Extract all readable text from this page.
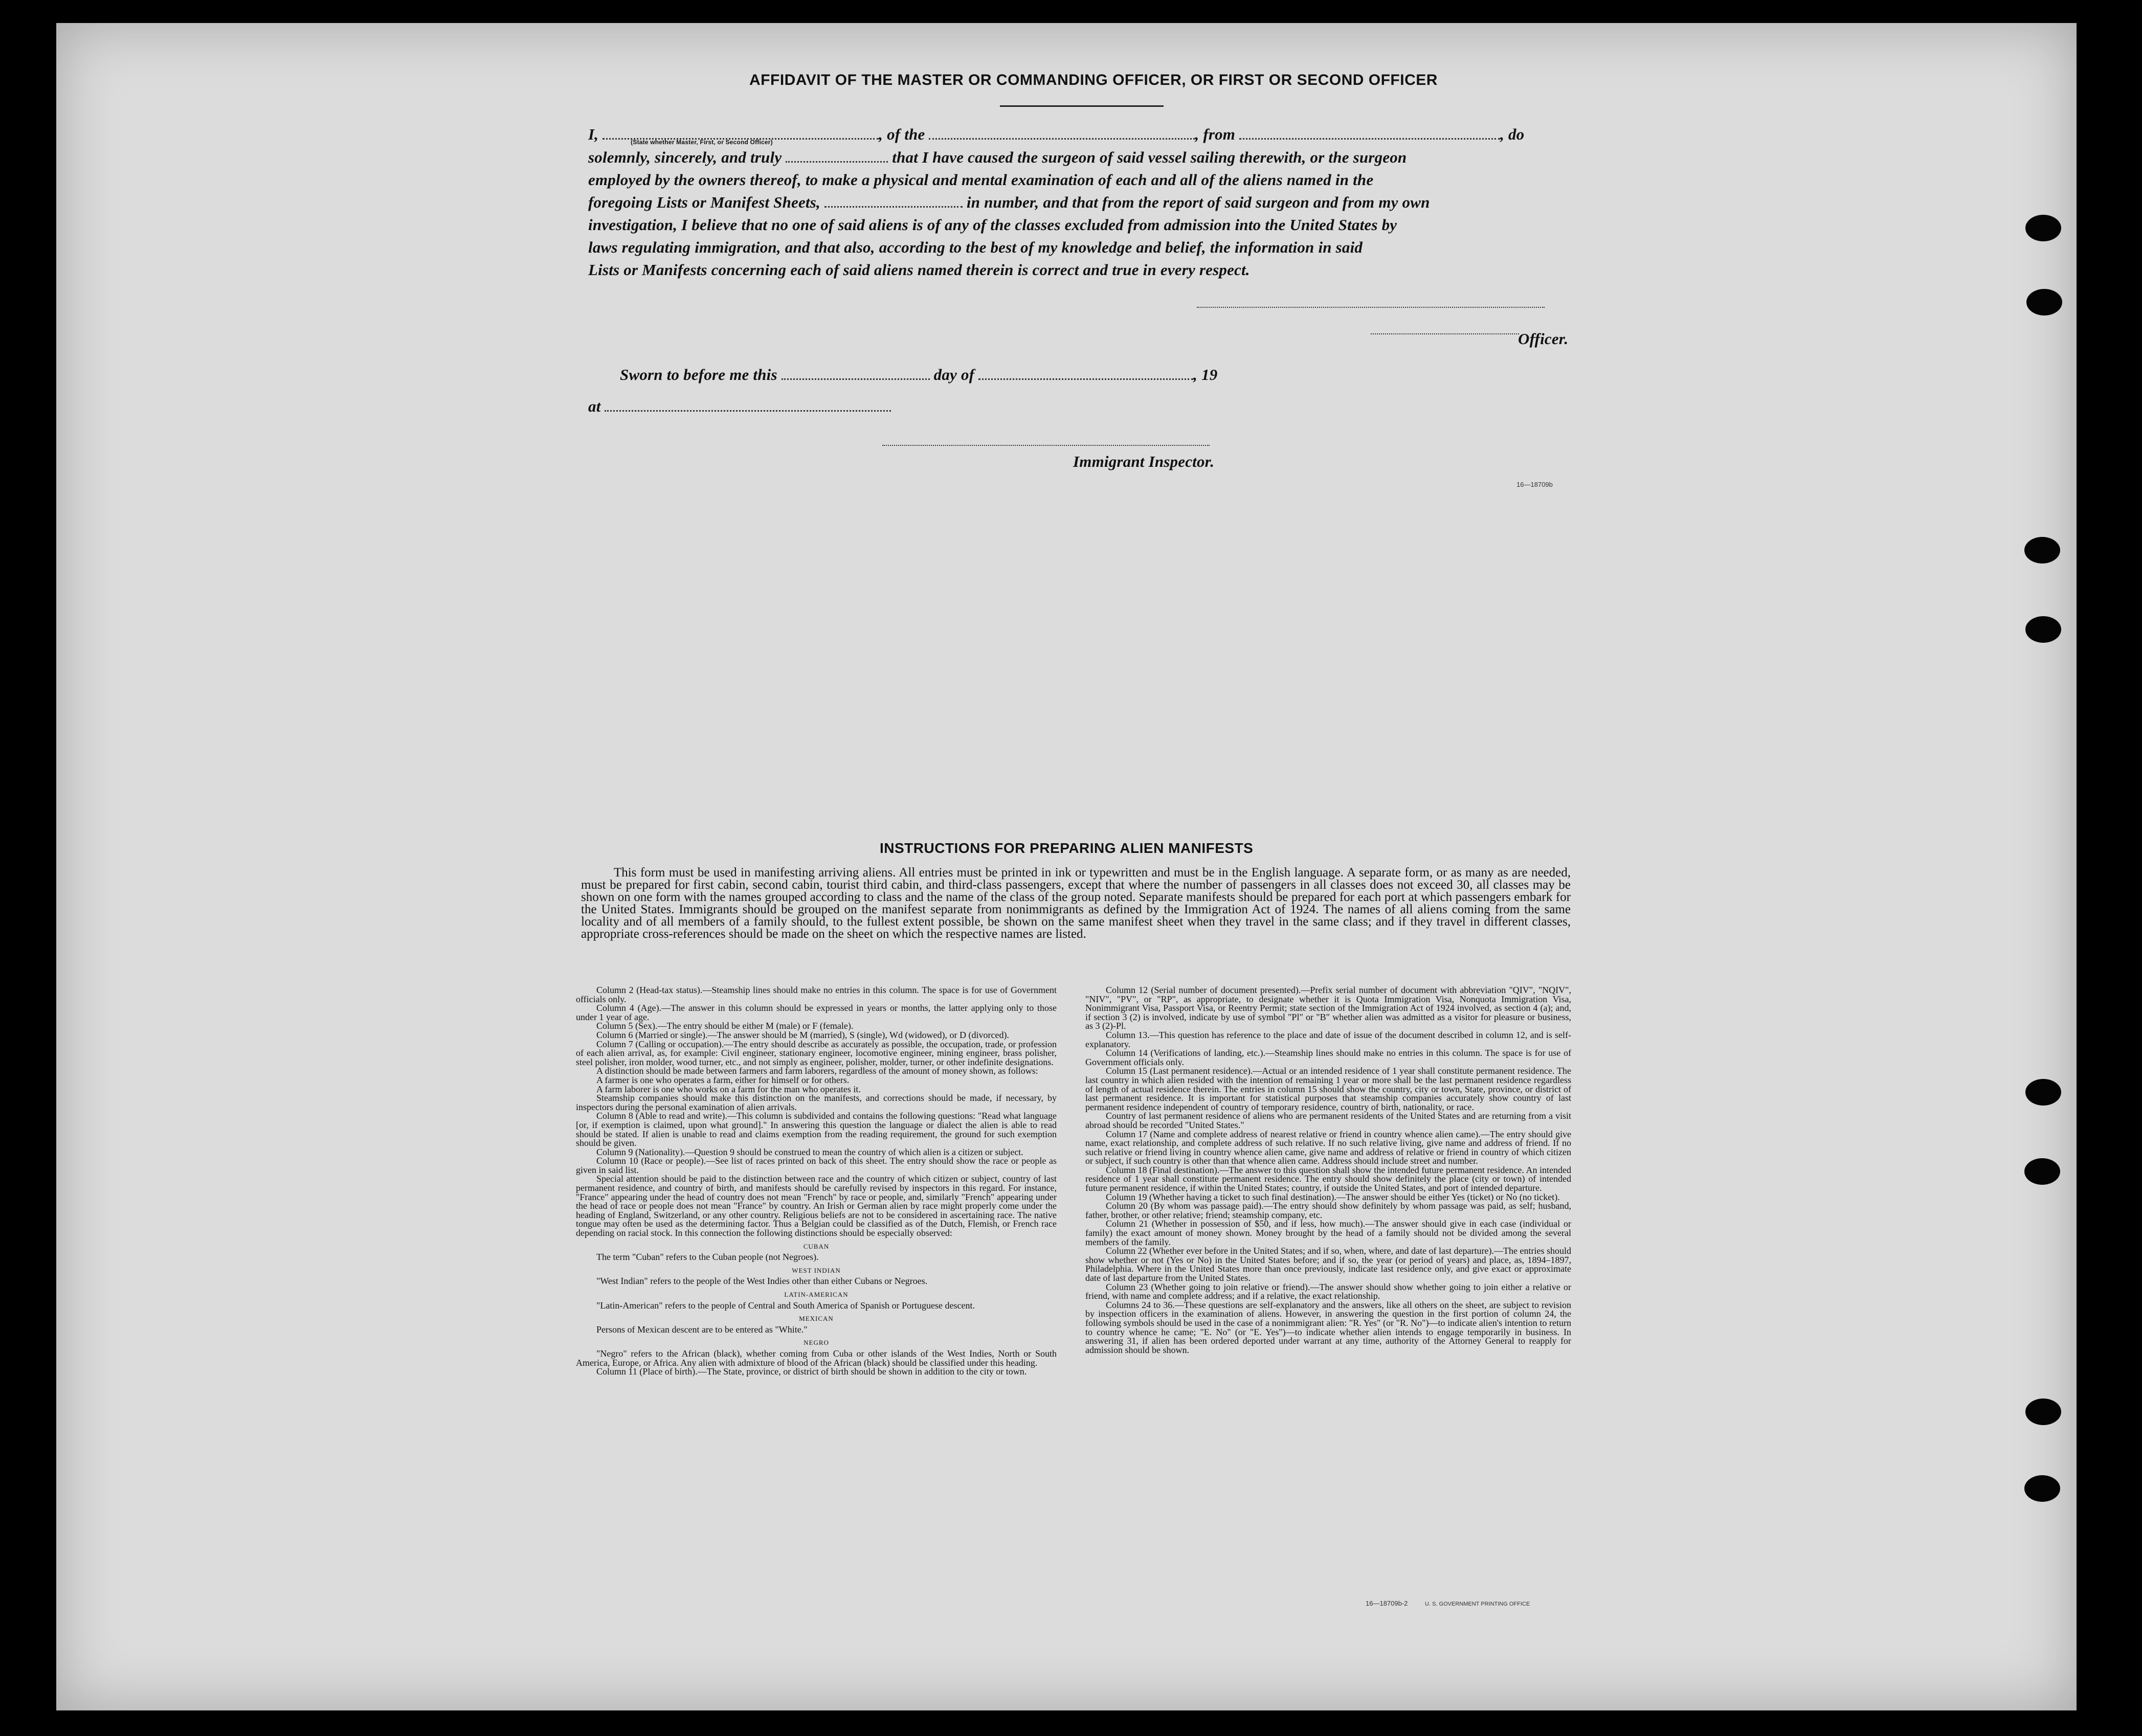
AFFIDAVIT OF THE MASTER OR COMMANDING OFFICER, OR FIRST OR SECOND OFFICER
I,	(State whether Master, First, or Second Officer)	, of the	, from	, do
solemnly, sincerely, and truly	that I have caused the surgeon of said vessel sailing therewith, or the surgeon
employed by the owners thereof, to make a physical and mental examination of each and all of the aliens named in the
foregoing Lists or Manifest Sheets,	in number, and that from the report of said surgeon and from my own
investigation, I believe that no one of said aliens is of any of the classes excluded from admission into the United States by
laws regulating immigration, and that also, according to the best of my knowledge and belief, the information in said
Lists or Manifests concerning each of said aliens named therein is correct and true in every respect.
Officer.
Sworn to before me this	day of	, 19
at
Immigrant Inspector.
16—18709b
INSTRUCTIONS FOR PREPARING ALIEN MANIFESTS
This form must be used in manifesting arriving aliens. All entries must be printed in ink or typewritten and must be in the English language. A separate form, or as many as are needed, must be prepared for first cabin, second cabin, tourist third cabin, and third-class passengers, except that where the number of passengers in all classes does not exceed 30, all classes may be shown on one form with the names grouped according to class and the name of the class of the group noted. Separate manifests should be prepared for each port at which passengers embark for the United States. Immigrants should be grouped on the manifest separate from nonimmigrants as defined by the Immigration Act of 1924. The names of all aliens coming from the same locality and of all members of a family should, to the fullest extent possible, be shown on the same manifest sheet when they travel in the same class; and if they travel in different classes, appropriate cross-references should be made on the sheet on which the respective names are listed.

Column 2 (Head-tax status).—Steamship lines should make no entries in this column. The space is for use of Government officials only.

Column 4 (Age).—The answer in this column should be expressed in years or months, the latter applying only to those under 1 year of age.

Column 5 (Sex).—The entry should be either M (male) or F (female).

Column 6 (Married or single).—The answer should be M (married), S (single), Wd (widowed), or D (divorced).

Column 7 (Calling or occupation).—The entry should describe as accurately as possible, the occupation, trade, or profession of each alien arrival, as, for example: Civil engineer, stationary engineer, locomotive engineer, mining engineer, brass polisher, steel polisher, iron molder, wood turner, etc., and not simply as engineer, polisher, molder, turner, or other indefinite designations.

A distinction should be made between farmers and farm laborers, regardless of the amount of money shown, as follows:

A farmer is one who operates a farm, either for himself or for others.

A farm laborer is one who works on a farm for the man who operates it.

Steamship companies should make this distinction on the manifests, and corrections should be made, if necessary, by inspectors during the personal examination of alien arrivals.

Column 8 (Able to read and write).—This column is subdivided and contains the following questions: "Read what language [or, if exemption is claimed, upon what ground]." In answering this question the language or dialect the alien is able to read should be stated. If alien is unable to read and claims exemption from the reading requirement, the ground for such exemption should be given.

Column 9 (Nationality).—Question 9 should be construed to mean the country of which alien is a citizen or subject.

Column 10 (Race or people).—See list of races printed on back of this sheet. The entry should show the race or people as given in said list.

Special attention should be paid to the distinction between race and the country of which citizen or subject, country of last permanent residence, and country of birth, and manifests should be carefully revised by inspectors in this regard. For instance, "France" appearing under the head of country does not mean "French" by race or people, and, similarly "French" appearing under the head of race or people does not mean "France" by country. An Irish or German alien by race might properly come under the heading of England, Switzerland, or any other country. Religious beliefs are not to be considered in ascertaining race. The native tongue may often be used as the determining factor. Thus a Belgian could be classified as of the Dutch, Flemish, or French race depending on racial stock. In this connection the following distinctions should be especially observed:

CUBAN

The term "Cuban" refers to the Cuban people (not Negroes).

WEST INDIAN

"West Indian" refers to the people of the West Indies other than either Cubans or Negroes.

LATIN-AMERICAN

"Latin-American" refers to the people of Central and South America of Spanish or Portuguese descent.

MEXICAN

Persons of Mexican descent are to be entered as "White."

NEGRO

"Negro" refers to the African (black), whether coming from Cuba or other islands of the West Indies, North or South America, Europe, or Africa. Any alien with admixture of blood of the African (black) should be classified under this heading.

Column 11 (Place of birth).—The State, province, or district of birth should be shown in addition to the city or town.

Column 12 (Serial number of document presented).—Prefix serial number of document with abbreviation "QIV", "NQIV", "NIV", "PV", or "RP", as appropriate, to designate whether it is Quota Immigration Visa, Nonquota Immigration Visa, Nonimmigrant Visa, Passport Visa, or Reentry Permit; state section of the Immigration Act of 1924 involved, as section 4 (a); and, if section 3 (2) is involved, indicate by use of symbol "Pl" or "B" whether alien was admitted as a visitor for pleasure or business, as 3 (2)-Pl.

Column 13.—This question has reference to the place and date of issue of the document described in column 12, and is self-explanatory.

Column 14 (Verifications of landing, etc.).—Steamship lines should make no entries in this column. The space is for use of Government officials only.

Column 15 (Last permanent residence).—Actual or an intended residence of 1 year shall constitute permanent residence. The last country in which alien resided with the intention of remaining 1 year or more shall be the last permanent residence regardless of length of actual residence therein. The entries in column 15 should show the country, city or town, State, province, or district of last permanent residence. It is important for statistical purposes that steamship companies accurately show country of last permanent residence independent of country of temporary residence, country of birth, nationality, or race.

Country of last permanent residence of aliens who are permanent residents of the United States and are returning from a visit abroad should be recorded "United States."

Column 17 (Name and complete address of nearest relative or friend in country whence alien came).—The entry should give name, exact relationship, and complete address of such relative. If no such relative living, give name and address of friend. If no such relative or friend living in country whence alien came, give name and address of relative or friend in country of which citizen or subject, if such country is other than that whence alien came. Address should include street and number.

Column 18 (Final destination).—The answer to this question shall show the intended future permanent residence. An intended residence of 1 year shall constitute permanent residence. The entry should show definitely the place (city or town) of intended future permanent residence, if within the United States; country, if outside the United States, and port of intended departure.

Column 19 (Whether having a ticket to such final destination).—The answer should be either Yes (ticket) or No (no ticket).

Column 20 (By whom was passage paid).—The entry should show definitely by whom passage was paid, as self; husband, father, brother, or other relative; friend; steamship company, etc.

Column 21 (Whether in possession of $50, and if less, how much).—The answer should give in each case (individual or family) the exact amount of money shown. Money brought by the head of a family should not be divided among the several members of the family.

Column 22 (Whether ever before in the United States; and if so, when, where, and date of last departure).—The entries should show whether or not (Yes or No) in the United States before; and if so, the year (or period of years) and place, as, 1894–1897, Philadelphia. Where in the United States more than once previously, indicate last residence only, and give exact or approximate date of last departure from the United States.

Column 23 (Whether going to join relative or friend).—The answer should show whether going to join either a relative or friend, with name and complete address; and if a relative, the exact relationship.

Columns 24 to 36.—These questions are self-explanatory and the answers, like all others on the sheet, are subject to revision by inspection officers in the examination of aliens. However, in answering the question in the first portion of column 24, the following symbols should be used in the case of a nonimmigrant alien: "R. Yes" (or "R. No")—to indicate alien's intention to return to country whence he came; "E. No" (or "E. Yes")—to indicate whether alien intends to engage temporarily in business. In answering 31, if alien has been ordered deported under warrant at any time, authority of the Attorney General to reapply for admission should be shown.

16—18709b-2	U. S. GOVERNMENT PRINTING OFFICE
